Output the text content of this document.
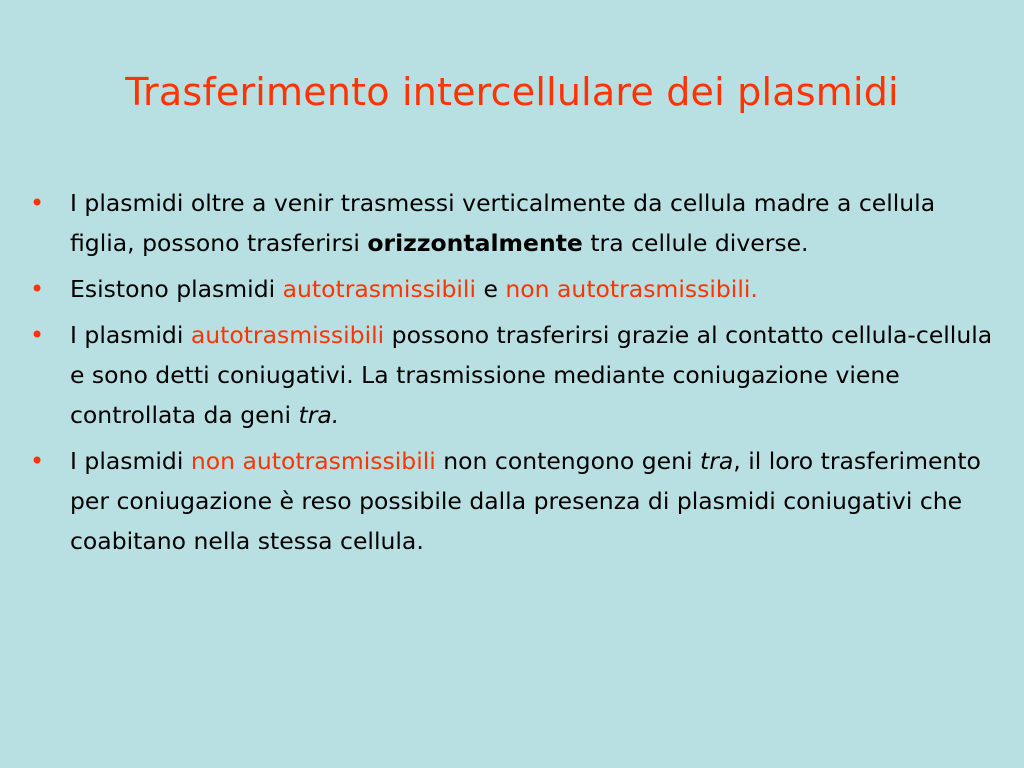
Trasferimento intercellulare dei plasmidi
•	I plasmidi oltre a venir trasmessi verticalmente da cellula madre a cellula figlia, possono trasferirsi orizzontalmente tra cellule diverse.
•	Esistono plasmidi autotrasmissibili e non autotrasmissibili.
•	I plasmidi autotrasmissibili possono trasferirsi grazie al contatto cellula-cellula e sono detti coniugativi. La trasmissione mediante coniugazione viene controllata da geni tra.
•	I plasmidi non autotrasmissibili non contengono geni tra, il loro trasferimento per coniugazione è reso possibile dalla presenza di plasmidi coniugativi che coabitano nella stessa cellula.
